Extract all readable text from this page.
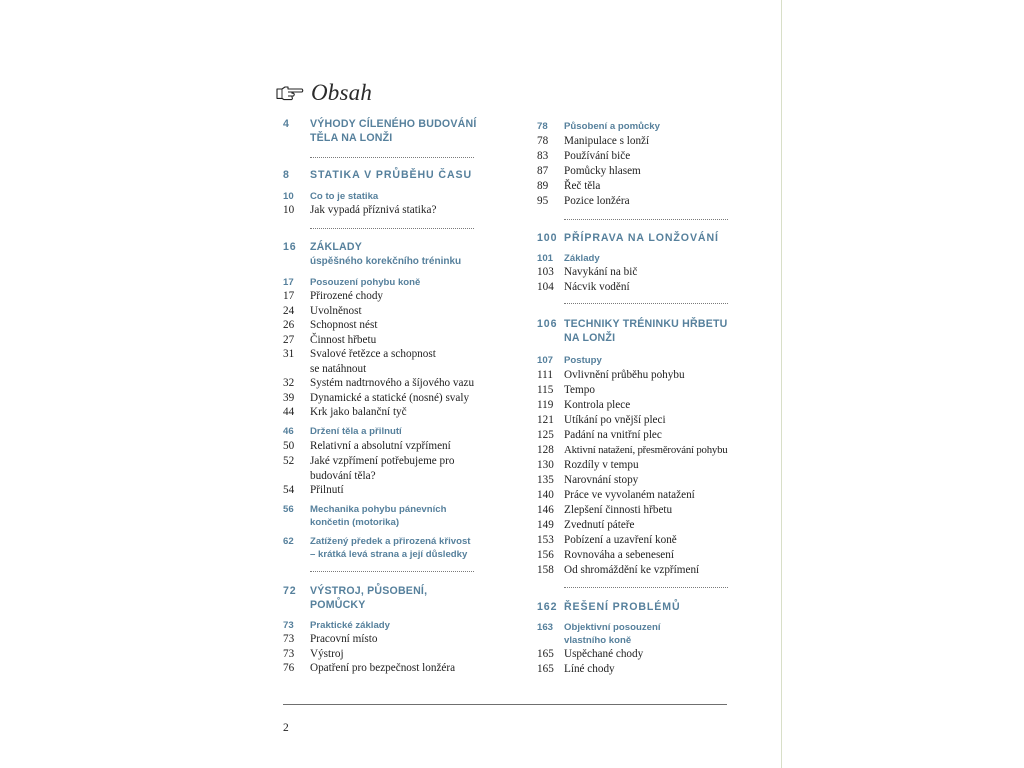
Obsah
4 VÝHODY CÍLENÉHO BUDOVÁNÍ
TĚLA NA LONŽI
8 STATIKA V PRŮBĚHU ČASU
10 Co to je statika
10	Jak vypadá příznivá statika?
16 ZÁKLADY
úspěšného korekčního tréninku
17 Posouzení pohybu koně
17	Přirozené chody
24	Uvolněnost
26	Schopnost nést
27	Činnost hřbetu
31	Svalové řetězce a schopnost
se natáhnout
32	Systém nadtrnového a šíjového vazu
39	Dynamické a statické (nosné) svaly
44	Krk jako balanční tyč
46 Držení těla a přilnutí
50	Relativní a absolutní vzpřímení
52	Jaké vzpřímení potřebujeme pro
budování těla?
54	Přilnutí
56 Mechanika pohybu pánevních
končetin (motorika)
62 Zatížený předek a přirozená křivost
– krátká levá strana a její důsledky
72 VÝSTROJ, PŮSOBENÍ,
POMŮCKY
73 Praktické základy
73	Pracovní místo
73	Výstroj
76	Opatření pro bezpečnost lonžéra
78 Působení a pomůcky
78	Manipulace s lonží
83	Používání biče
87	Pomůcky hlasem
89	Řeč těla
95	Pozice lonžéra
100 PŘÍPRAVA NA LONŽOVÁNÍ
101 Základy
103 Navykání na bič
104 Nácvik vodění
106 TECHNIKY TRÉNINKU HŘBETU
NA LONŽI
107 Postupy
111 Ovlivnění průběhu pohybu
115 Tempo
119 Kontrola plece
121 Utíkání po vnější pleci
125 Padání na vnitřní plec
128 Aktivní natažení, přesměrování pohybu
130 Rozdíly v tempu
135 Narovnání stopy
140 Práce ve vyvolaném natažení
146 Zlepšení činnosti hřbetu
149 Zvednutí páteře
153 Pobízení a uzavření koně
156 Rovnováha a sebenesení
158 Od shromáždění ke vzpřímení
162 ŘEŠENÍ PROBLÉMŮ
163 Objektivní posouzení
vlastního koně
165 Uspěchané chody
165 Líné chody
2
